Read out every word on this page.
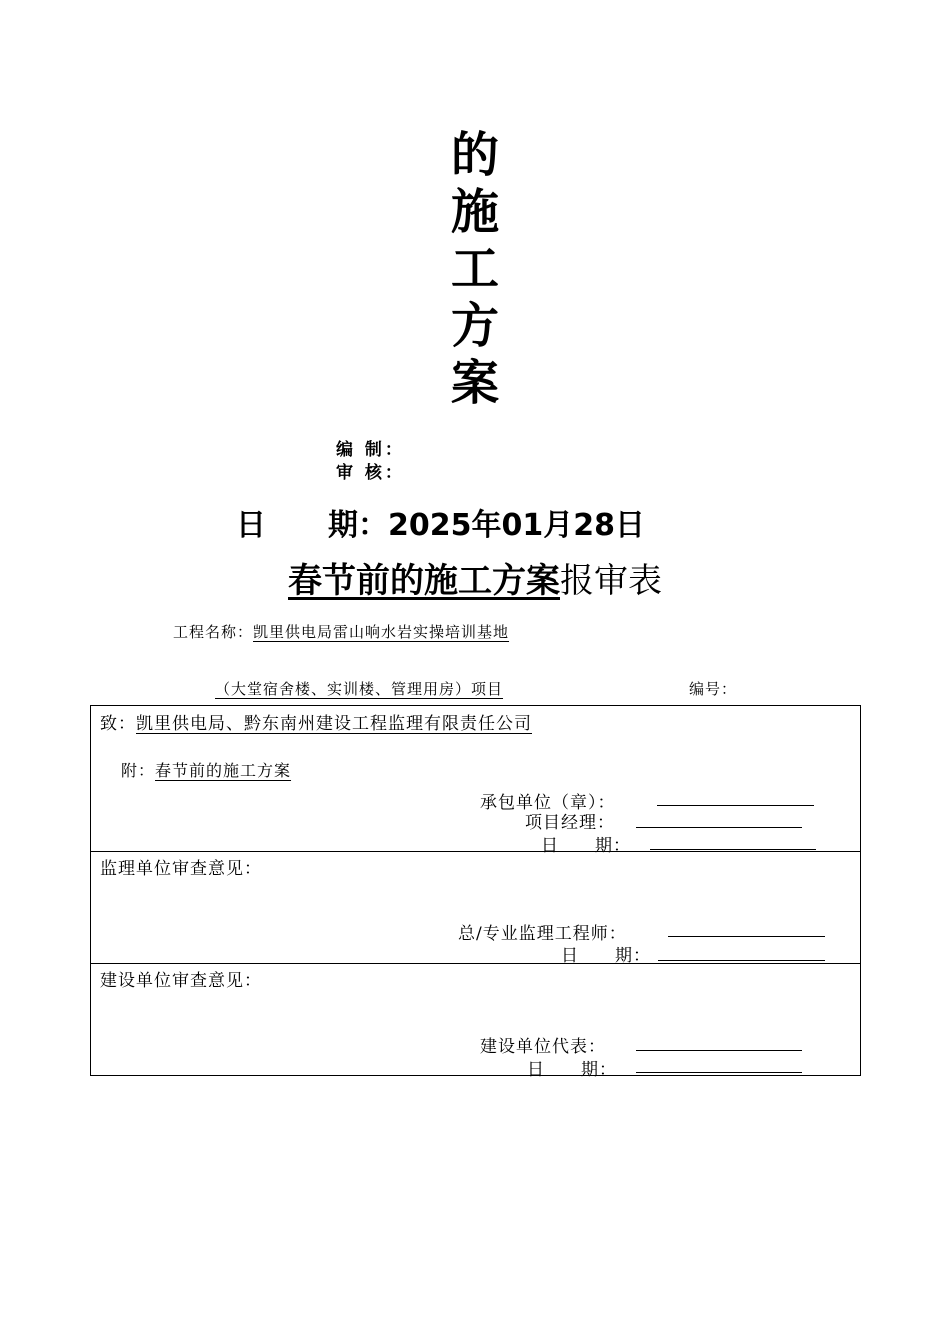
的
施
工
方
案
编 制：
审 核：
日 期：2025年01月28日
春节前的施工方案报审表
工程名称：凯里供电局雷山响水岩实操培训基地
（大堂宿舍楼、实训楼、管理用房）项目	编号：
致：凯里供电局、黔东南州建设工程监理有限责任公司
附：春节前的施工方案
承包单位（章）：
项目经理：
日　　期：
监理单位审查意见：
总/专业监理工程师：
日　　期：
建设单位审查意见：
建设单位代表：
日　　期：
